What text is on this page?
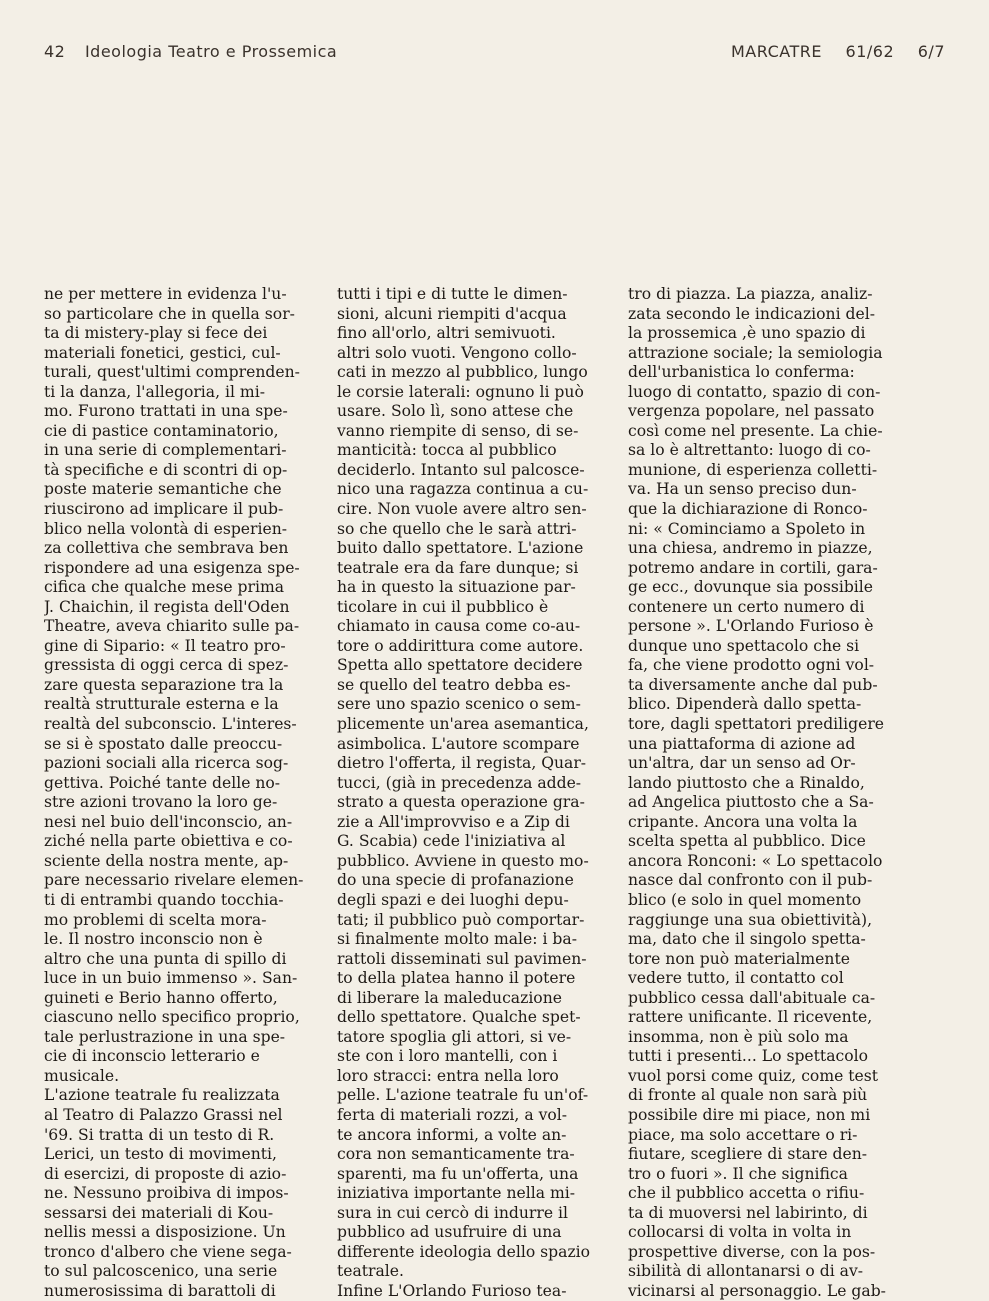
42 Ideologia Teatro e Prossemica	MARCATRE 61/62 6/7
ne per mettere in evidenza l'u-
so particolare che in quella sor-
ta di mistery-play si fece dei
materiali fonetici, gestici, cul-
turali, quest'ultimi comprenden-
ti la danza, l'allegoria, il mi-
mo. Furono trattati in una spe-
cie di pastice contaminatorio,
in una serie di complementari-
tà specifiche e di scontri di op-
poste materie semantiche che
riuscirono ad implicare il pub-
blico nella volontà di esperien-
za collettiva che sembrava ben
rispondere ad una esigenza spe-
cifica che qualche mese prima
J. Chaichin, il regista dell'Oden
Theatre, aveva chiarito sulle pa-
gine di Sipario: « Il teatro pro-
gressista di oggi cerca di spez-
zare questa separazione tra la
realtà strutturale esterna e la
realtà del subconscio. L'interes-
se si è spostato dalle preoccu-
pazioni sociali alla ricerca sog-
gettiva. Poiché tante delle no-
stre azioni trovano la loro ge-
nesi nel buio dell'inconscio, an-
ziché nella parte obiettiva e co-
sciente della nostra mente, ap-
pare necessario rivelare elemen-
ti di entrambi quando tocchia-
mo problemi di scelta mora-
le. Il nostro inconscio non è
altro che una punta di spillo di
luce in un buio immenso ». San-
guineti e Berio hanno offerto,
ciascuno nello specifico proprio,
tale perlustrazione in una spe-
cie di inconscio letterario e
musicale.
L'azione teatrale fu realizzata
al Teatro di Palazzo Grassi nel
'69. Si tratta di un testo di R.
Lerici, un testo di movimenti,
di esercizi, di proposte di azio-
ne. Nessuno proibiva di impos-
sessarsi dei materiali di Kou-
nellis messi a disposizione. Un
tronco d'albero che viene sega-
to sul palcoscenico, una serie
numerosissima di barattoli di
tutti i tipi e di tutte le dimen-
sioni, alcuni riempiti d'acqua
fino all'orlo, altri semivuoti.
altri solo vuoti. Vengono collo-
cati in mezzo al pubblico, lungo
le corsie laterali: ognuno li può
usare. Solo lì, sono attese che
vanno riempite di senso, di se-
manticità: tocca al pubblico
deciderlo. Intanto sul palcosce-
nico una ragazza continua a cu-
cire. Non vuole avere altro sen-
so che quello che le sarà attri-
buito dallo spettatore. L'azione
teatrale era da fare dunque; si
ha in questo la situazione par-
ticolare in cui il pubblico è
chiamato in causa come co-au-
tore o addirittura come autore.
Spetta allo spettatore decidere
se quello del teatro debba es-
sere uno spazio scenico o sem-
plicemente un'area asemantica,
asimbolica. L'autore scompare
dietro l'offerta, il regista, Quar-
tucci, (già in precedenza adde-
strato a questa operazione gra-
zie a All'improvviso e a Zip di
G. Scabia) cede l'iniziativa al
pubblico. Avviene in questo mo-
do una specie di profanazione
degli spazi e dei luoghi depu-
tati; il pubblico può comportar-
si finalmente molto male: i ba-
rattoli disseminati sul pavimen-
to della platea hanno il potere
di liberare la maleducazione
dello spettatore. Qualche spet-
tatore spoglia gli attori, si ve-
ste con i loro mantelli, con i
loro stracci: entra nella loro
pelle. L'azione teatrale fu un'of-
ferta di materiali rozzi, a vol-
te ancora informi, a volte an-
cora non semanticamente tra-
sparenti, ma fu un'offerta, una
iniziativa importante nella mi-
sura in cui cercò di indurre il
pubblico ad usufruire di una
differente ideologia dello spazio
teatrale.
Infine L'Orlando Furioso tea-
tro di piazza. La piazza, analiz-
zata secondo le indicazioni del-
la prossemica ,è uno spazio di
attrazione sociale; la semiologia
dell'urbanistica lo conferma:
luogo di contatto, spazio di con-
vergenza popolare, nel passato
così come nel presente. La chie-
sa lo è altrettanto: luogo di co-
munione, di esperienza colletti-
va. Ha un senso preciso dun-
que la dichiarazione di Ronco-
ni: « Cominciamo a Spoleto in
una chiesa, andremo in piazze,
potremo andare in cortili, gara-
ge ecc., dovunque sia possibile
contenere un certo numero di
persone ». L'Orlando Furioso è
dunque uno spettacolo che si
fa, che viene prodotto ogni vol-
ta diversamente anche dal pub-
blico. Dipenderà dallo spetta-
tore, dagli spettatori prediligere
una piattaforma di azione ad
un'altra, dar un senso ad Or-
lando piuttosto che a Rinaldo,
ad Angelica piuttosto che a Sa-
cripante. Ancora una volta la
scelta spetta al pubblico. Dice
ancora Ronconi: « Lo spettacolo
nasce dal confronto con il pub-
blico (e solo in quel momento
raggiunge una sua obiettività),
ma, dato che il singolo spetta-
tore non può materialmente
vedere tutto, il contatto col
pubblico cessa dall'abituale ca-
rattere unificante. Il ricevente,
insomma, non è più solo ma
tutti i presenti... Lo spettacolo
vuol porsi come quiz, come test
di fronte al quale non sarà più
possibile dire mi piace, non mi
piace, ma solo accettare o ri-
fiutare, scegliere di stare den-
tro o fuori ». Il che significa
che il pubblico accetta o rifiu-
ta di muoversi nel labirinto, di
collocarsi di volta in volta in
prospettive diverse, con la pos-
sibilità di allontanarsi o di av-
vicinarsi al personaggio. Le gab-
